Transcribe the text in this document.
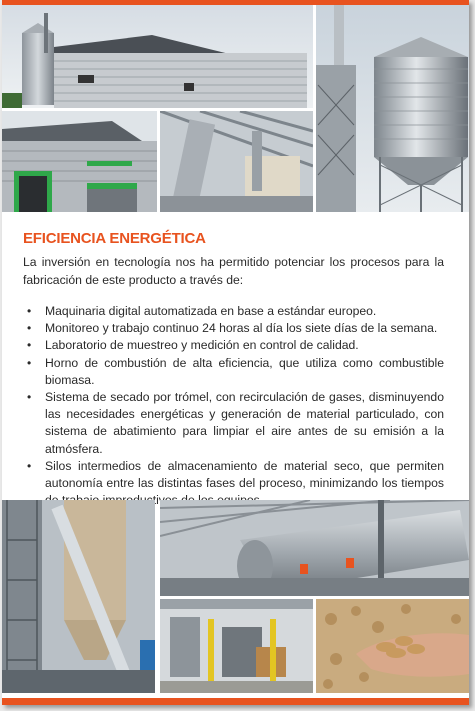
EFICIENCIA ENERGÉTICA

La inversión en tecnología nos ha permitido potenciar los procesos para la fabricación de este producto a través de:

• Maquinaria digital automatizada en base a estándar europeo.
• Monitoreo y trabajo continuo 24 horas al día los siete días de la semana.
• Laboratorio de muestreo y medición en control de calidad.
• Horno de combustión de alta eficiencia, que utiliza como combustible biomasa.
• Sistema de secado por trómel, con recirculación de gases, disminuyendo las necesidades energéticas y generación de material particulado, con sistema de abatimiento para limpiar el aire antes de su emisión a la atmósfera.
• Silos intermedios de almacenamiento de material seco, que permiten autonomía entre las distintas fases del proceso, minimizando los tiempos
